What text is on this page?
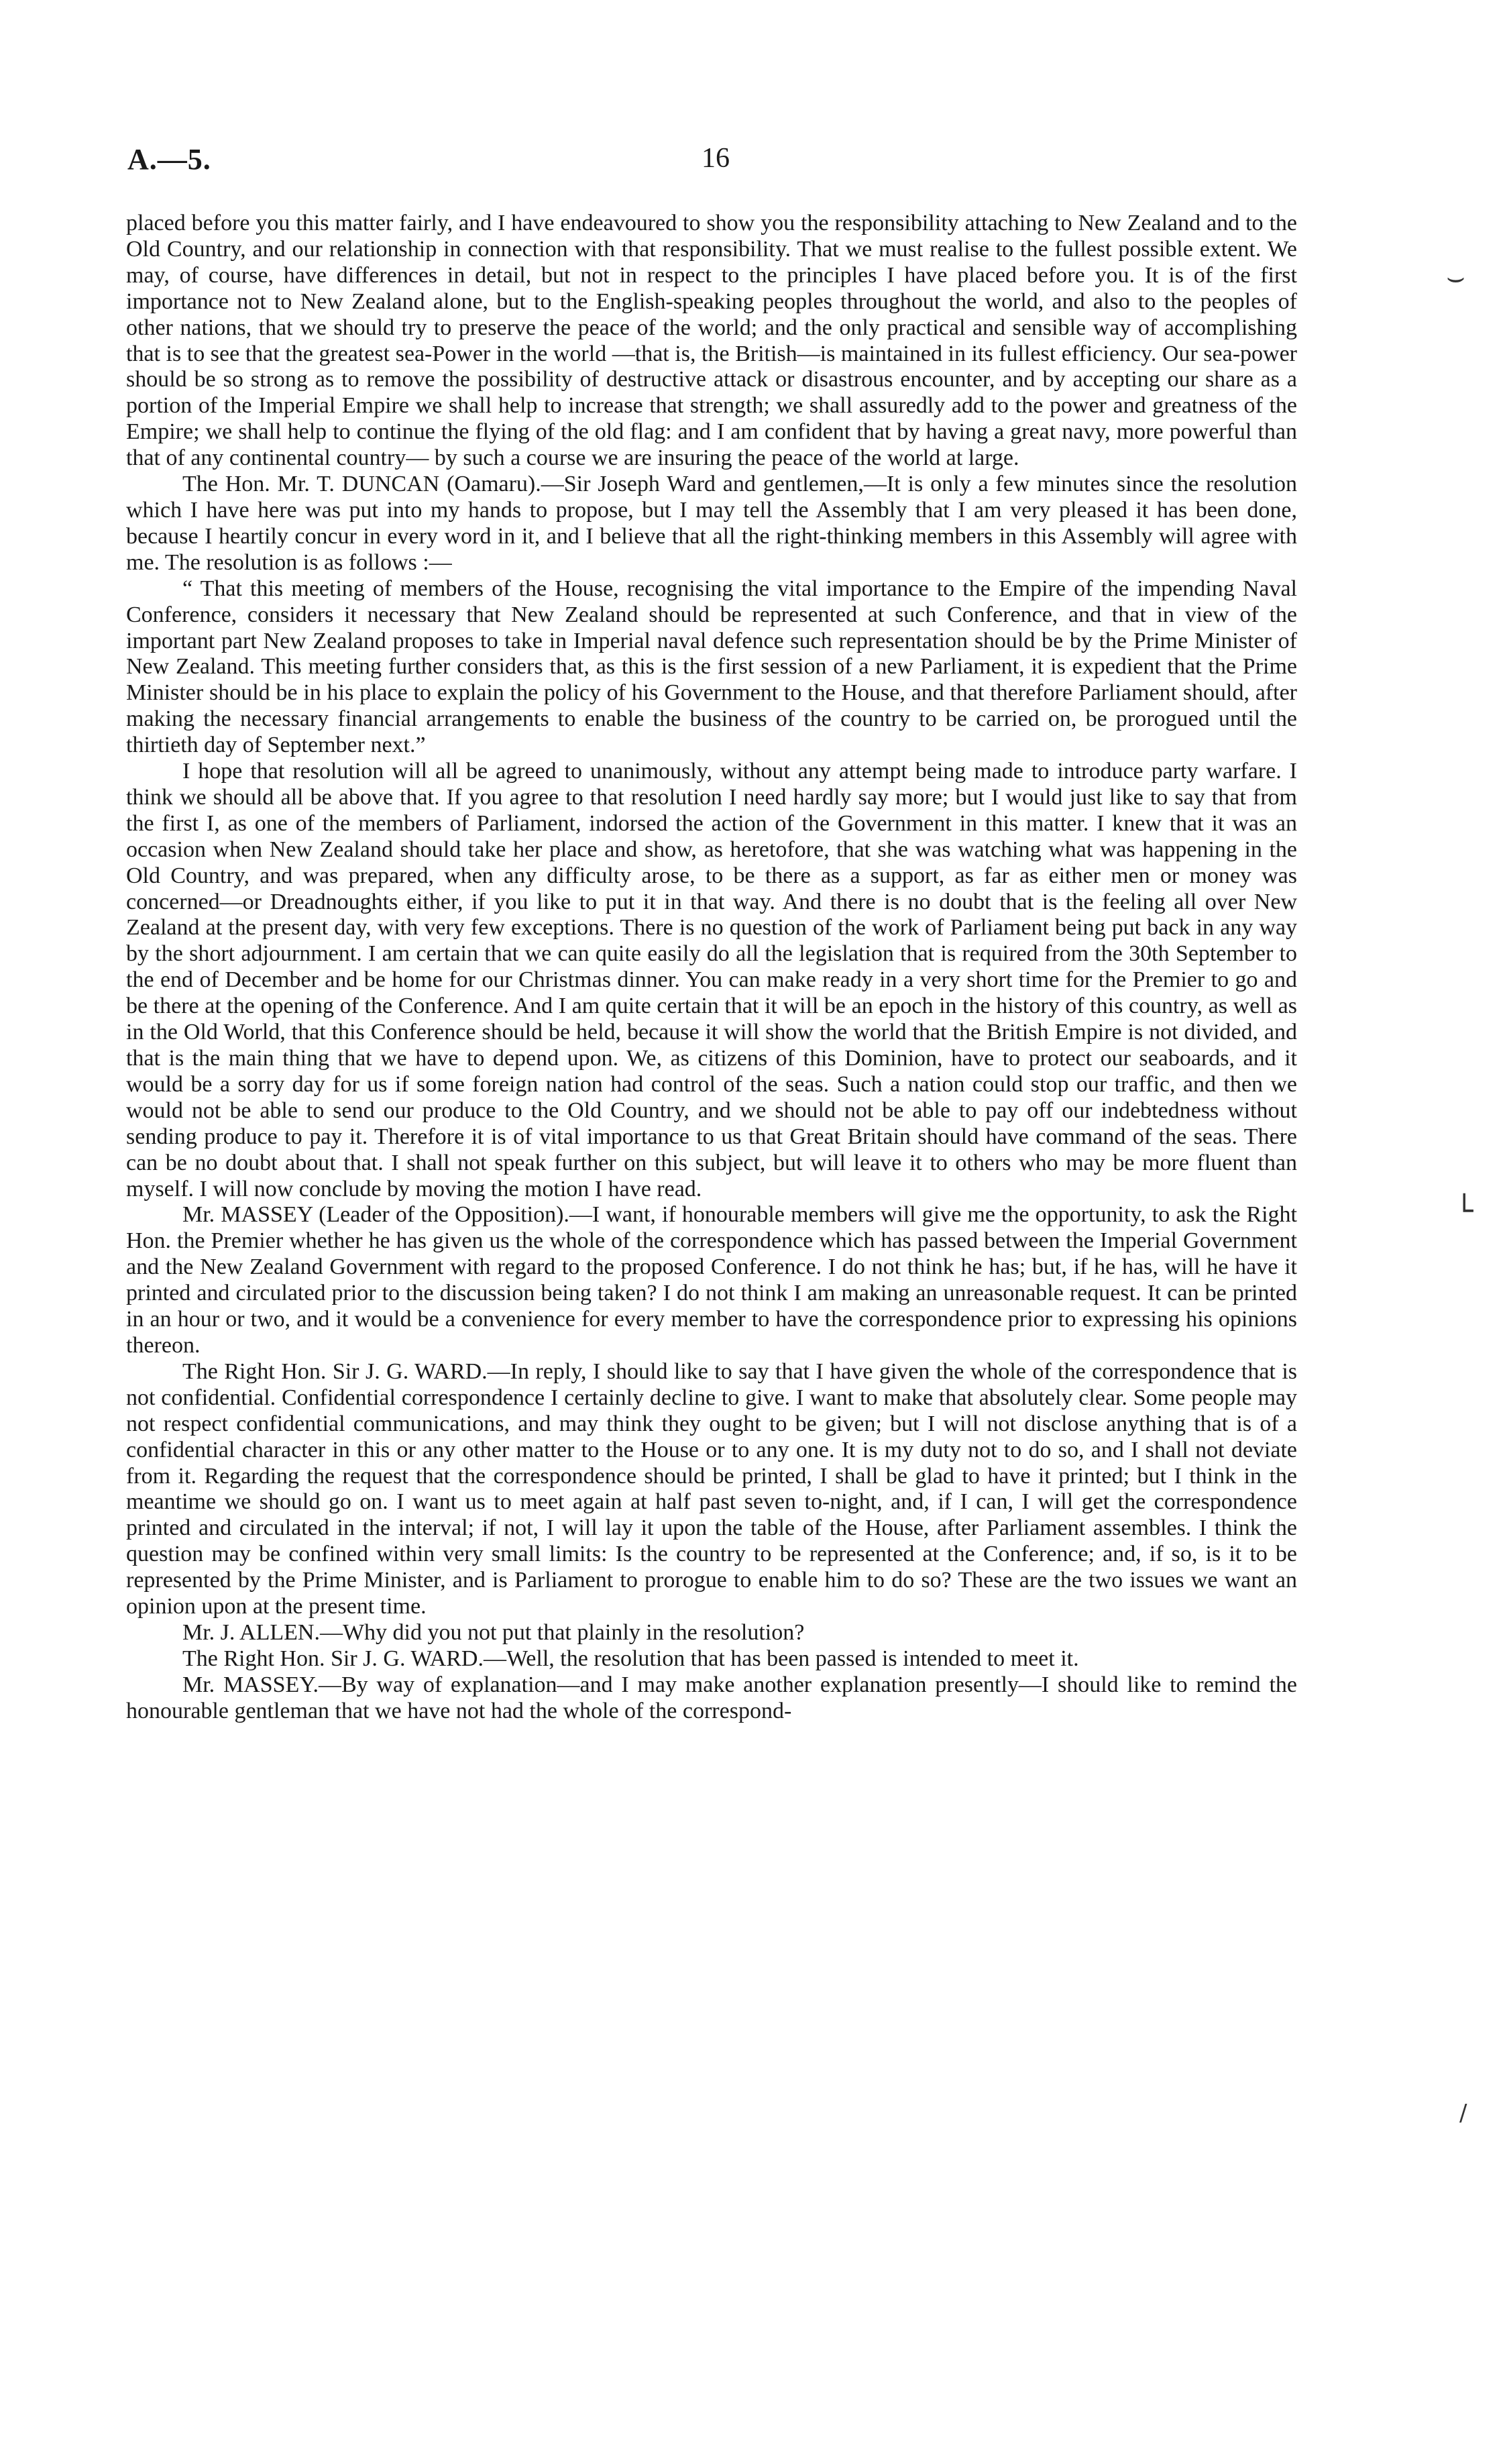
A.—5.	16

placed before you this matter fairly, and I have endeavoured to show you the responsibility attaching to New Zealand and to the Old Country, and our relationship in connection with that responsibility. That we must realise to the fullest possible extent. We may, of course, have differences in detail, but not in respect to the principles I have placed before you. It is of the first importance not to New Zealand alone, but to the English-speaking peoples throughout the world, and also to the peoples of other nations, that we should try to preserve the peace of the world; and the only practical and sensible way of accomplishing that is to see that the greatest sea-Power in the world —that is, the British—is maintained in its fullest efficiency. Our sea-power should be so strong as to remove the possibility of destructive attack or disastrous encounter, and by accepting our share as a portion of the Imperial Empire we shall help to increase that strength; we shall assuredly add to the power and greatness of the Empire; we shall help to continue the flying of the old flag: and I am confident that by having a great navy, more powerful than that of any continental country— by such a course we are insuring the peace of the world at large.

The Hon. Mr. T. DUNCAN (Oamaru).—Sir Joseph Ward and gentlemen,—It is only a few minutes since the resolution which I have here was put into my hands to propose, but I may tell the Assembly that I am very pleased it has been done, because I heartily concur in every word in it, and I believe that all the right-thinking members in this Assembly will agree with me. The resolution is as follows :—

“ That this meeting of members of the House, recognising the vital importance to the Empire of the impending Naval Conference, considers it necessary that New Zealand should be represented at such Conference, and that in view of the important part New Zealand proposes to take in Imperial naval defence such representation should be by the Prime Minister of New Zealand. This meeting further considers that, as this is the first session of a new Parliament, it is expedient that the Prime Minister should be in his place to explain the policy of his Government to the House, and that therefore Parliament should, after making the necessary financial arrangements to enable the business of the country to be carried on, be prorogued until the thirtieth day of September next.”

I hope that resolution will all be agreed to unanimously, without any attempt being made to introduce party warfare. I think we should all be above that. If you agree to that resolution I need hardly say more; but I would just like to say that from the first I, as one of the members of Parliament, indorsed the action of the Government in this matter. I knew that it was an occasion when New Zealand should take her place and show, as heretofore, that she was watching what was happening in the Old Country, and was prepared, when any difficulty arose, to be there as a support, as far as either men or money was concerned—or Dreadnoughts either, if you like to put it in that way. And there is no doubt that is the feeling all over New Zealand at the present day, with very few exceptions. There is no question of the work of Parliament being put back in any way by the short adjournment. I am certain that we can quite easily do all the legislation that is required from the 30th September to the end of December and be home for our Christmas dinner. You can make ready in a very short time for the Premier to go and be there at the opening of the Conference. And I am quite certain that it will be an epoch in the history of this country, as well as in the Old World, that this Conference should be held, because it will show the world that the British Empire is not divided, and that is the main thing that we have to depend upon. We, as citizens of this Dominion, have to protect our seaboards, and it would be a sorry day for us if some foreign nation had control of the seas. Such a nation could stop our traffic, and then we would not be able to send our produce to the Old Country, and we should not be able to pay off our indebtedness without sending produce to pay it. Therefore it is of vital importance to us that Great Britain should have command of the seas. There can be no doubt about that. I shall not speak further on this subject, but will leave it to others who may be more fluent than myself. I will now conclude by moving the motion I have read.

Mr. MASSEY (Leader of the Opposition).—I want, if honourable members will give me the opportunity, to ask the Right Hon. the Premier whether he has given us the whole of the correspondence which has passed between the Imperial Government and the New Zealand Government with regard to the proposed Conference. I do not think he has; but, if he has, will he have it printed and circulated prior to the discussion being taken? I do not think I am making an unreasonable request. It can be printed in an hour or two, and it would be a convenience for every member to have the correspondence prior to expressing his opinions thereon.

The Right Hon. Sir J. G. WARD.—In reply, I should like to say that I have given the whole of the correspondence that is not confidential. Confidential correspondence I certainly decline to give. I want to make that absolutely clear. Some people may not respect confidential communications, and may think they ought to be given; but I will not disclose anything that is of a confidential character in this or any other matter to the House or to any one. It is my duty not to do so, and I shall not deviate from it. Regarding the request that the correspondence should be printed, I shall be glad to have it printed; but I think in the meantime we should go on. I want us to meet again at half past seven to-night, and, if I can, I will get the correspondence printed and circulated in the interval; if not, I will lay it upon the table of the House, after Parliament assembles. I think the question may be confined within very small limits: Is the country to be represented at the Conference; and, if so, is it to be represented by the Prime Minister, and is Parliament to prorogue to enable him to do so? These are the two issues we want an opinion upon at the present time.

Mr. J. ALLEN.—Why did you not put that plainly in the resolution?

The Right Hon. Sir J. G. WARD.—Well, the resolution that has been passed is intended to meet it.

Mr. MASSEY.—By way of explanation—and I may make another explanation presently—I should like to remind the honourable gentleman that we have not had the whole of the correspond-

⌣
└
/
